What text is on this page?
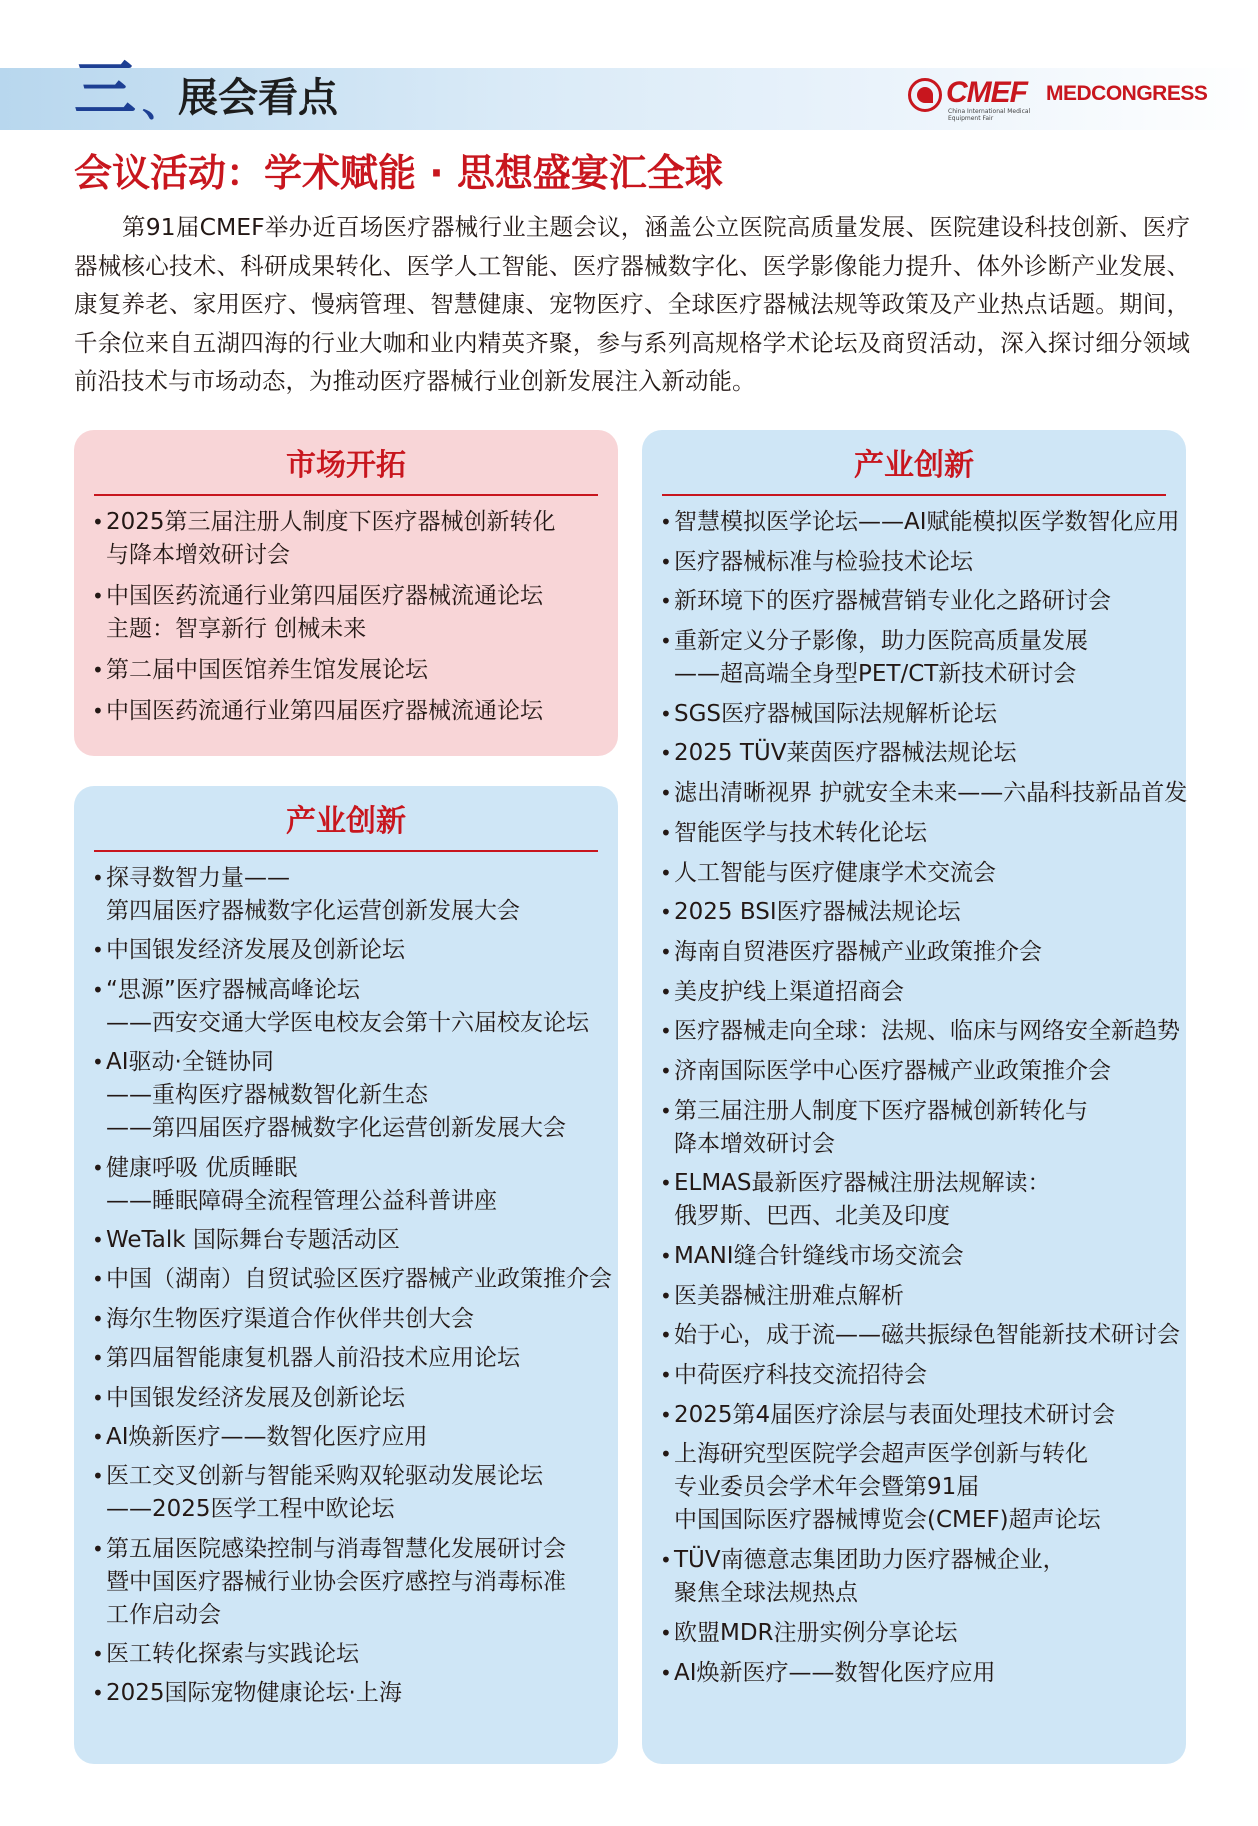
三 、
展会看点	CMEF
China International Medical Equipment Fair
MEDCONGRESS
会议活动：学术赋能 · 思想盛宴汇全球

第91届CMEF举办近百场医疗器械行业主题会议，涵盖公立医院高质量发展、医院建设科技创新、医疗器械核心技术、科研成果转化、医学人工智能、医疗器械数字化、医学影像能力提升、体外诊断产业发展、康复养老、家用医疗、慢病管理、智慧健康、宠物医疗、全球医疗器械法规等政策及产业热点话题。期间，千余位来自五湖四海的行业大咖和业内精英齐聚，参与系列高规格学术论坛及商贸活动，深入探讨细分领域前沿技术与市场动态，为推动医疗器械行业创新发展注入新动能。

市场开拓
• 2025第三届注册人制度下医疗器械创新转化
与降本增效研讨会
• 中国医药流通行业第四届医疗器械流通论坛
主题：智享新行 创械未来
• 第二届中国医馆养生馆发展论坛
• 中国医药流通行业第四届医疗器械流通论坛
产业创新
• 探寻数智力量——
第四届医疗器械数字化运营创新发展大会
• 中国银发经济发展及创新论坛
• “思源”医疗器械高峰论坛
——西安交通大学医电校友会第十六届校友论坛
• AI驱动·全链协同
——重构医疗器械数智化新生态
——第四届医疗器械数字化运营创新发展大会
• 健康呼吸 优质睡眠
——睡眠障碍全流程管理公益科普讲座
• WeTalk 国际舞台专题活动区
• 中国（湖南）自贸试验区医疗器械产业政策推介会
• 海尔生物医疗渠道合作伙伴共创大会
• 第四届智能康复机器人前沿技术应用论坛
• 中国银发经济发展及创新论坛
• AI焕新医疗——数智化医疗应用
• 医工交叉创新与智能采购双轮驱动发展论坛
——2025医学工程中欧论坛
• 第五届医院感染控制与消毒智慧化发展研讨会
暨中国医疗器械行业协会医疗感控与消毒标准
工作启动会
• 医工转化探索与实践论坛
• 2025国际宠物健康论坛·上海
产业创新
• 智慧模拟医学论坛——AI赋能模拟医学数智化应用
• 医疗器械标准与检验技术论坛
• 新环境下的医疗器械营销专业化之路研讨会
• 重新定义分子影像，助力医院高质量发展
——超高端全身型PET/CT新技术研讨会
• SGS医疗器械国际法规解析论坛
• 2025 TÜV莱茵医疗器械法规论坛
• 滤出清晰视界 护就安全未来——六晶科技新品首发
• 智能医学与技术转化论坛
• 人工智能与医疗健康学术交流会
• 2025 BSI医疗器械法规论坛
• 海南自贸港医疗器械产业政策推介会
• 美皮护线上渠道招商会
• 医疗器械走向全球：法规、临床与网络安全新趋势
• 济南国际医学中心医疗器械产业政策推介会
• 第三届注册人制度下医疗器械创新转化与
降本增效研讨会
• ELMAS最新医疗器械注册法规解读：
俄罗斯、巴西、北美及印度
• MANI缝合针缝线市场交流会
• 医美器械注册难点解析
• 始于心，成于流——磁共振绿色智能新技术研讨会
• 中荷医疗科技交流招待会
• 2025第4届医疗涂层与表面处理技术研讨会
• 上海研究型医院学会超声医学创新与转化
专业委员会学术年会暨第91届
中国国际医疗器械博览会(CMEF)超声论坛
• TÜV南德意志集团助力医疗器械企业，
聚焦全球法规热点
• 欧盟MDR注册实例分享论坛
• AI焕新医疗——数智化医疗应用
